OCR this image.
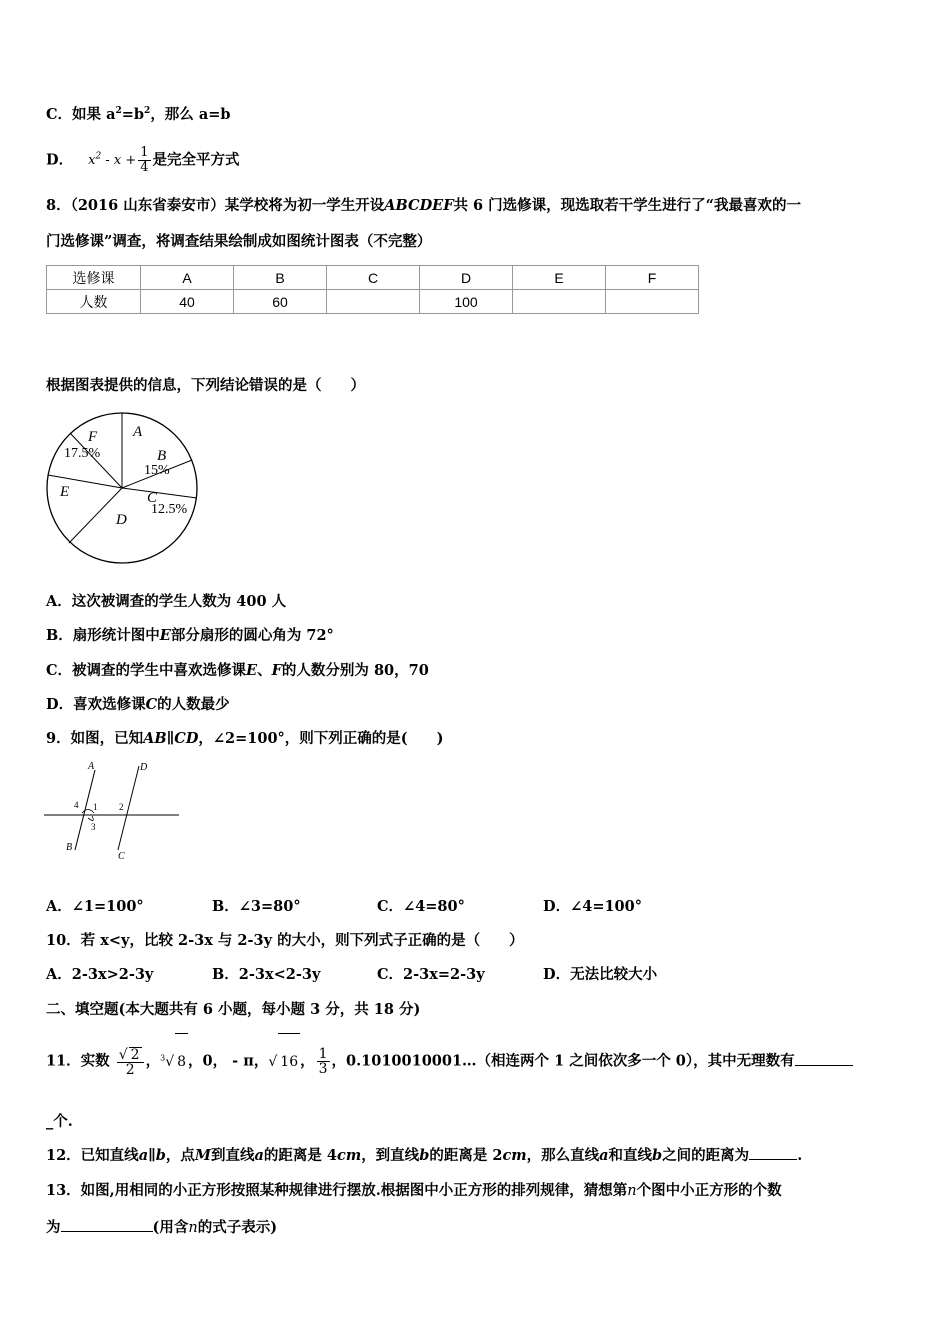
C．如果 $a^2=b^2$，那么 a=b
D． $x^2 - x + \frac{1}{4}$ 是完全平方式
8．（2016 山东省泰安市）某学校将为初一学生开设ABCDEF共 6 门选修课，现选取若干学生进行了“我最喜欢的一
门选修课”调查，将调查结果绘制成如图统计图表（不完整）
选修课	A	B	C	D	E	F
人数	40	60		100		
根据图表提供的信息，下列结论错误的是（　　）
A
B
15%
C
12.5%
D
E
F
17.5%
A．这次被调查的学生人数为 400 人
B．扇形统计图中E部分扇形的圆心角为 72°
C．被调查的学生中喜欢选修课E、F的人数分别为 80，70
D．喜欢选修课C的人数最少
9．如图，已知AB∥CD，∠2=100°，则下列正确的是(　　)
A	D
4 1 2
3
B
C
A．∠1=100°	B．∠3=80°	C．∠4=80°	D．∠4=100°
10．若 x<y，比较 2-3x 与 2-3y 的大小，则下列式子正确的是（　　）
A．2-3x>2-3y	B．2-3x<2-3y	C．2-3x=2-3y	D．无法比较大小
二、填空题(本大题共有 6 小题，每小题 3 分，共 18 分)
11．实数 $\frac{√ 2}{2}$ ，$^3$√ 8 ，0， - π，√ 16 ， $\frac{1}{3}$ ，0.1010010001…（相连两个 1 之间依次多一个 0），其中无理数有
_个.
12．已知直线a∥b，点M到直线a的距离是 4cm，到直线b的距离是 2cm，那么直线a和直线b之间的距离为	.
13．如图,用相同的小正方形按照某种规律进行摆放.根据图中小正方形的排列规律，猜想第n个图中小正方形的个数
为	(用含n的式子表示)
